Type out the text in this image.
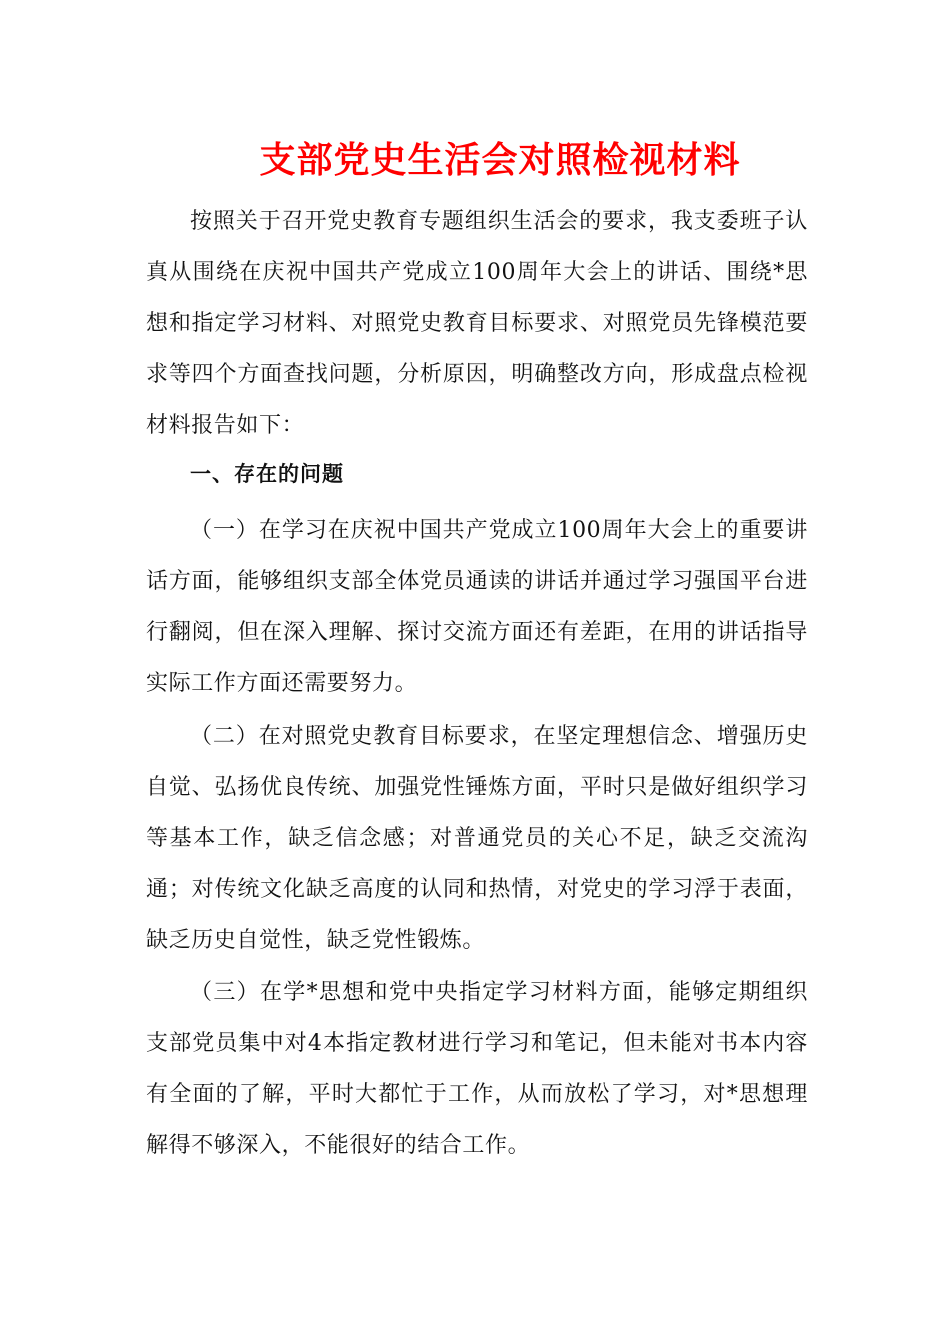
支部党史生活会对照检视材料

按照关于召开党史教育专题组织生活会的要求，我支委班子认真从围绕在庆祝中国共产党成立100周年大会上的讲话、围绕*思想和指定学习材料、对照党史教育目标要求、对照党员先锋模范要求等四个方面查找问题，分析原因，明确整改方向，形成盘点检视材料报告如下：

一、存在的问题

（一）在学习在庆祝中国共产党成立100周年大会上的重要讲话方面，能够组织支部全体党员通读的讲话并通过学习强国平台进行翻阅，但在深入理解、探讨交流方面还有差距，在用的讲话指导实际工作方面还需要努力。

（二）在对照党史教育目标要求，在坚定理想信念、增强历史自觉、弘扬优良传统、加强党性锤炼方面，平时只是做好组织学习等基本工作，缺乏信念感；对普通党员的关心不足，缺乏交流沟通；对传统文化缺乏高度的认同和热情，对党史的学习浮于表面，缺乏历史自觉性，缺乏党性锻炼。

（三）在学*思想和党中央指定学习材料方面，能够定期组织支部党员集中对4本指定教材进行学习和笔记，但未能对书本内容有全面的了解，平时大都忙于工作，从而放松了学习，对*思想理解得不够深入，不能很好的结合工作。
